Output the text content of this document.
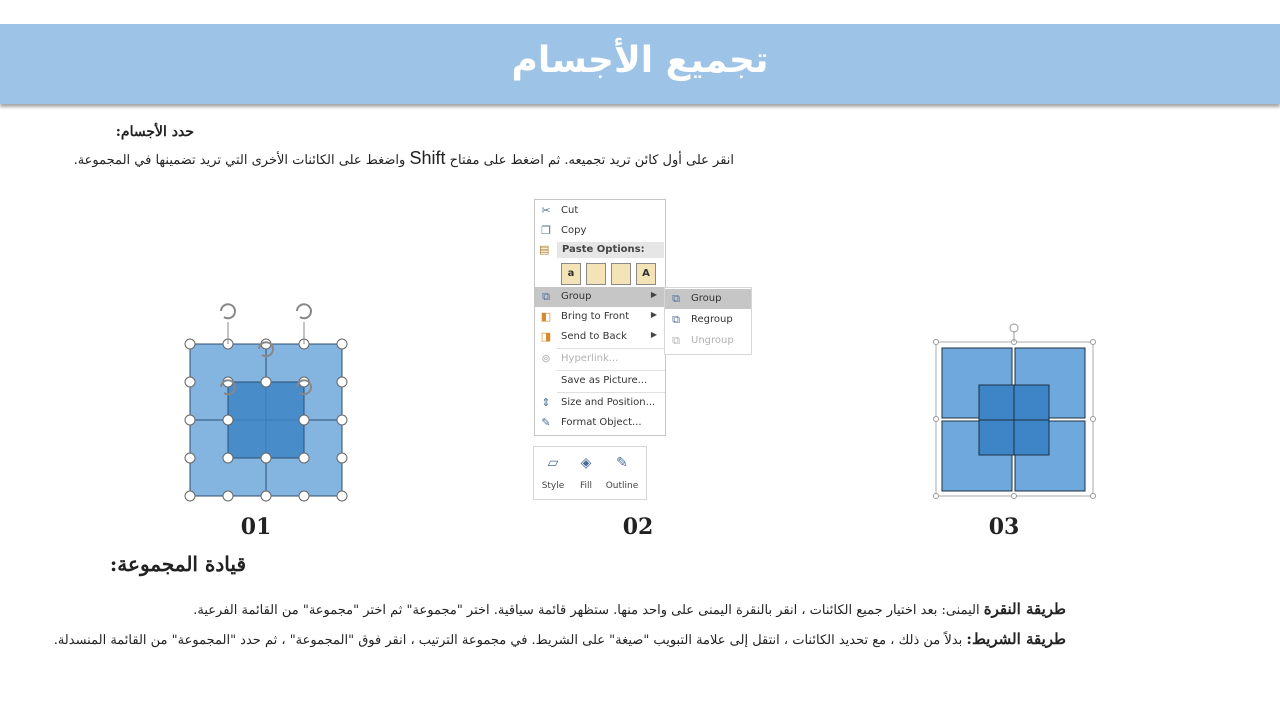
تجميع الأجسام
حدد الأجسام:
انقر على أول كائن تريد تجميعه. ثم اضغط على مفتاح Shift واضغط على الكائنات الأخرى التي تريد تضمينها في المجموعة.
✂ Cut
❐ Copy
▤ Paste Options:
a	A
⧉	Group	▶
◧ Bring to Front	▶
◨ Send to Back	▶
⊚ Hyperlink...
Save as Picture...
⇕ Size and Position...
✎ Format Object...
⧉	Group
⧉	Regroup
⧉	Ungroup
▱
Style
◈
Fill
✎
Outline
01	02	03
قيادة المجموعة:
طريقة النقرة اليمنى: بعد اختيار جميع الكائنات ، انقر بالنقرة اليمنى على واحد منها. ستظهر قائمة سياقية. اختر "مجموعة" ثم اختر "مجموعة" من القائمة الفرعية.
طريقة الشريط: بدلاً من ذلك ، مع تحديد الكائنات ، انتقل إلى علامة التبويب "صيغة" على الشريط. في مجموعة الترتيب ، انقر فوق "المجموعة" ، ثم حدد "المجموعة" من القائمة المنسدلة.
